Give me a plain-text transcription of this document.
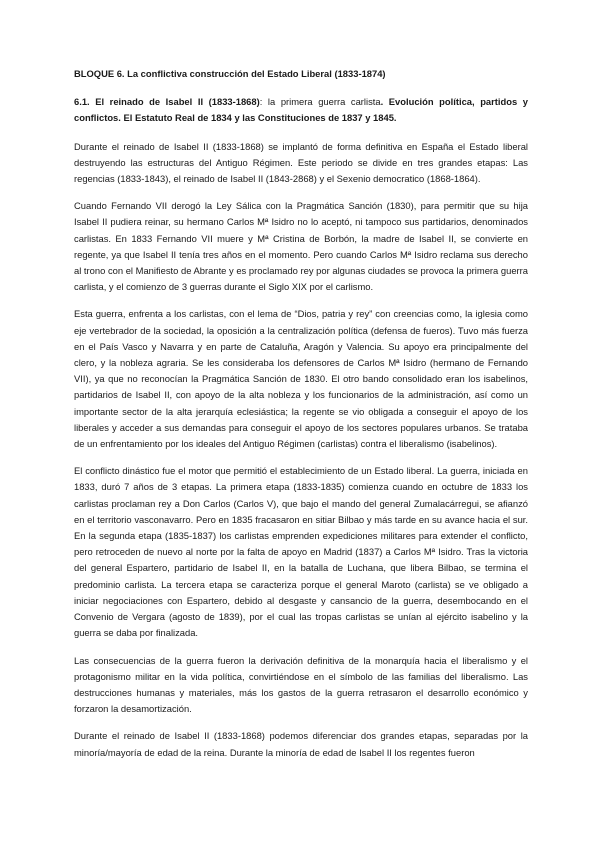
BLOQUE 6. La conflictiva construcción del Estado Liberal (1833-1874)
6.1. El reinado de Isabel II (1833-1868): la primera guerra carlista. Evolución política, partidos y conflictos. El Estatuto Real de 1834 y las Constituciones de 1837 y 1845.

Durante el reinado de Isabel II (1833-1868) se implantó de forma definitiva en España el Estado liberal destruyendo las estructuras del Antiguo Régimen. Este periodo se divide en tres grandes etapas: Las regencias (1833-1843), el reinado de Isabel II (1843-2868) y el Sexenio democratico (1868-1864).

Cuando Fernando VII derogó la Ley Sálica con la Pragmática Sanción (1830), para permitir que su hija Isabel II pudiera reinar, su hermano Carlos Mª Isidro no lo aceptó, ni tampoco sus partidarios, denominados carlistas. En 1833 Fernando VII muere y Mª Cristina de Borbón, la madre de Isabel II, se convierte en regente, ya que Isabel II tenía tres años en el momento. Pero cuando Carlos Mª Isidro reclama sus derecho al trono con el Manifiesto de Abrante y es proclamado rey por algunas ciudades se provoca la primera guerra carlista, y el comienzo de 3 guerras durante el Siglo XIX por el carlismo.

Esta guerra, enfrenta a los carlistas, con el lema de “Dios, patria y rey” con creencias como, la iglesia como eje vertebrador de la sociedad, la oposición a la centralización política (defensa de fueros). Tuvo más fuerza en el País Vasco y Navarra y en parte de Cataluña, Aragón y Valencia. Su apoyo era principalmente del clero, y la nobleza agraria. Se les consideraba los defensores de Carlos Mª Isidro (hermano de Fernando VII), ya que no reconocían la Pragmática Sanción de 1830. El otro bando consolidado eran los isabelinos, partidarios de Isabel II, con apoyo de la alta nobleza y los funcionarios de la administración, así como un importante sector de la alta jerarquía eclesiástica; la regente se vio obligada a conseguir el apoyo de los liberales y acceder a sus demandas para conseguir el apoyo de los sectores populares urbanos. Se trataba de un enfrentamiento por los ideales del Antiguo Régimen (carlistas) contra el liberalismo (isabelinos).

El conflicto dinástico fue el motor que permitió el establecimiento de un Estado liberal. La guerra, iniciada en 1833, duró 7 años de 3 etapas. La primera etapa (1833-1835) comienza cuando en octubre de 1833 los carlistas proclaman rey a Don Carlos (Carlos V), que bajo el mando del general Zumalacárregui, se afianzó en el territorio vasconavarro. Pero en 1835 fracasaron en sitiar Bilbao y más tarde en su avance hacia el sur. En la segunda etapa (1835-1837) los carlistas emprenden expediciones militares para extender el conflicto, pero retroceden de nuevo al norte por la falta de apoyo en Madrid (1837) a Carlos Mª Isidro. Tras la victoria del general Espartero, partidario de Isabel II, en la batalla de Luchana, que libera Bilbao, se termina el predominio carlista. La tercera etapa se caracteriza porque el general Maroto (carlista) se ve obligado a iniciar negociaciones con Espartero, debido al desgaste y cansancio de la guerra, desembocando en el Convenio de Vergara (agosto de 1839), por el cual las tropas carlistas se unían al ejército isabelino y la guerra se daba por finalizada.

Las consecuencias de la guerra fueron la derivación definitiva de la monarquía hacia el liberalismo y el protagonismo militar en la vida política, convirtiéndose en el símbolo de las familias del liberalismo. Las destrucciones humanas y materiales, más los gastos de la guerra retrasaron el desarrollo económico y forzaron la desamortización.

Durante el reinado de Isabel II (1833-1868) podemos diferenciar dos grandes etapas, separadas por la minoría/mayoría de edad de la reina. Durante la minoría de edad de Isabel II los regentes fueron
